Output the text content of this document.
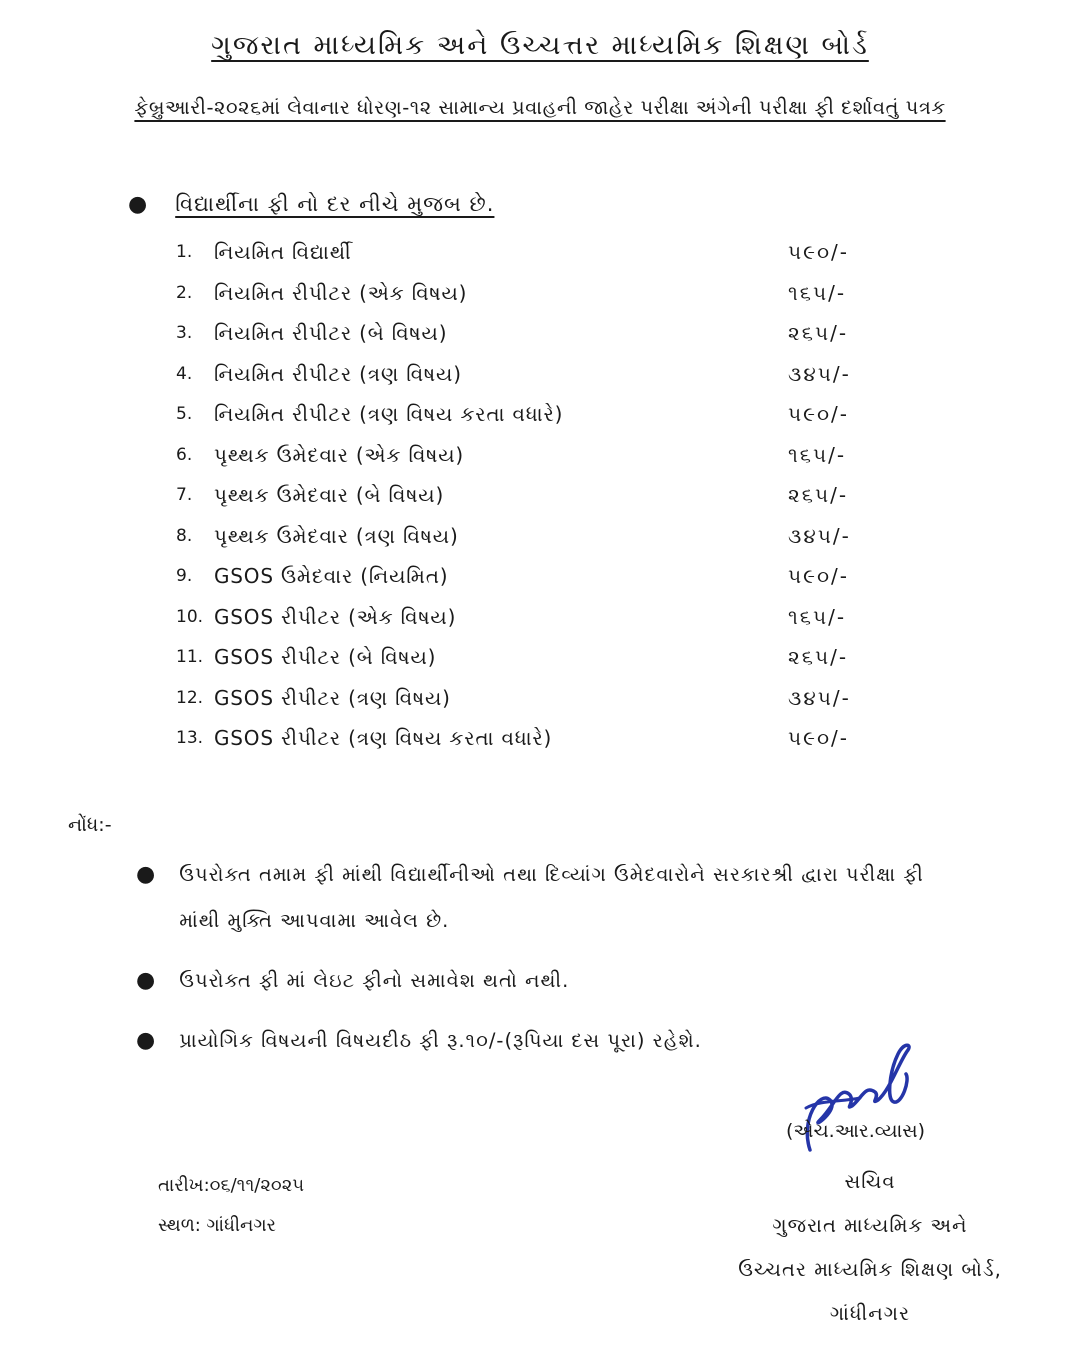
ગુજરાત માધ્યમિક અને ઉચ્ચત્તર માધ્યમિક શિક્ષણ બોર્ડ
ફેબ્રુઆરી-૨૦૨૬માં લેવાનાર ધોરણ-૧૨ સામાન્ય પ્રવાહની જાહેર પરીક્ષા અંગેની પરીક્ષા ફી દર્શાવતું પત્રક
● વિદ્યાર્થીના ફી નો દર નીચે મુજબ છે.
1.	નિયમિત વિદ્યાર્થી	૫૯૦/-
2.	નિયમિત રીપીટર (એક વિષય)	૧૬૫/-
3.	નિયમિત રીપીટર (બે વિષય)	૨૬૫/-
4.	નિયમિત રીપીટર (ત્રણ વિષય)	૩૪૫/-
5.	નિયમિત રીપીટર (ત્રણ વિષય કરતા વધારે)	૫૯૦/-
6.	પૃથ્થક ઉમેદવાર (એક વિષય)	૧૬૫/-
7.	પૃથ્થક ઉમેદવાર (બે વિષય)	૨૬૫/-
8.	પૃથ્થક ઉમેદવાર (ત્રણ વિષય)	૩૪૫/-
9.	GSOS ઉમેદવાર (નિયમિત)	૫૯૦/-
10. GSOS રીપીટર (એક વિષય)	૧૬૫/-
11. GSOS રીપીટર (બે વિષય)	૨૬૫/-
12. GSOS રીપીટર (ત્રણ વિષય)	૩૪૫/-
13. GSOS રીપીટર (ત્રણ વિષય કરતા વધારે)	૫૯૦/-
નોંધ:-
● ઉપરોક્ત તમામ ફી માંથી વિદ્યાર્થીનીઓ તથા દિવ્યાંગ ઉમેદવારોને સરકારશ્રી દ્વારા પરીક્ષા ફી
માંથી મુક્તિ આપવામા આવેલ છે.
● ઉપરોક્ત ફી માં લેઇટ ફીનો સમાવેશ થતો નથી.
● પ્રાયોગિક વિષયની વિષયદીઠ ફી રૂ.૧૦/-(રૂપિયા દસ પૂરા) રહેશે.
(એચ.આર.વ્યાસ)
સચિવ
ગુજરાત માધ્યમિક અને
ઉચ્ચતર માધ્યમિક શિક્ષણ બોર્ડ,
ગાંધીનગર
તારીખ:૦૬/૧૧/૨૦૨૫
સ્થળ: ગાંધીનગર
